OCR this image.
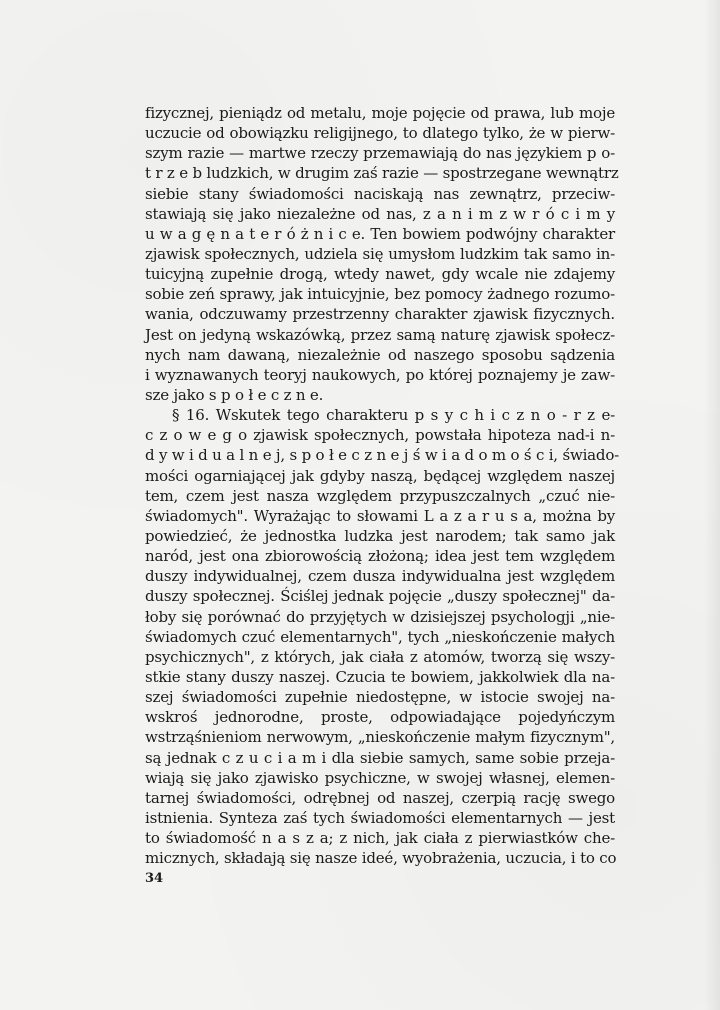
fizycznej, pieniądz od metalu, moje pojęcie od prawa, lub moje
uczucie od obowiązku religijnego, to dlatego tylko, że w pierw-
szym razie — martwe rzeczy przemawiają do nas językiem p o-
t r z e b ludzkich, w drugim zaś razie — spostrzegane wewnątrz
siebie stany świadomości naciskają nas zewnątrz, przeciw-
stawiają się jako niezależne od nas, z a n i m z w r ó c i m y
u w a g ę n a t e r ó ż n i c e. Ten bowiem podwójny charakter
zjawisk społecznych, udziela się umysłom ludzkim tak samo in-
tuicyjną zupełnie drogą, wtedy nawet, gdy wcale nie zdajemy
sobie zeń sprawy, jak intuicyjnie, bez pomocy żadnego rozumo-
wania, odczuwamy przestrzenny charakter zjawisk fizycznych.
Jest on jedyną wskazówką, przez samą naturę zjawisk społecz-
nych nam dawaną, niezależnie od naszego sposobu sądzenia
i wyznawanych teoryj naukowych, po której poznajemy je zaw-
sze jako s p o ł e c z n e.
§ 16. Wskutek tego charakteru p s y c h i c z n o - r z e-
c z o w e g o zjawisk społecznych, powstała hipoteza nad-i n-
d y w i d u a l n e j, s p o ł e c z n e j ś w i a d o m o ś c i, świado-
mości ogarniającej jak gdyby naszą, będącej względem naszej
tem, czem jest nasza względem przypuszczalnych „czuć nie-
świadomych". Wyrażając to słowami L a z a r u s a, można by
powiedzieć, że jednostka ludzka jest narodem; tak samo jak
naród, jest ona zbiorowością złożoną; idea jest tem względem
duszy indywidualnej, czem dusza indywidualna jest względem
duszy społecznej. Ściślej jednak pojęcie „duszy społecznej" da-
łoby się porównać do przyjętych w dzisiejszej psychologji „nie-
świadomych czuć elementarnych", tych „nieskończenie małych
psychicznych", z których, jak ciała z atomów, tworzą się wszy-
stkie stany duszy naszej. Czucia te bowiem, jakkolwiek dla na-
szej świadomości zupełnie niedostępne, w istocie swojej na-
wskroś jednorodne, proste, odpowiadające pojedyńczym
wstrząśnieniom nerwowym, „nieskończenie małym fizycznym",
są jednak c z u c i a m i dla siebie samych, same sobie przeja-
wiają się jako zjawisko psychiczne, w swojej własnej, elemen-
tarnej świadomości, odrębnej od naszej, czerpią rację swego
istnienia. Synteza zaś tych świadomości elementarnych — jest
to świadomość n a s z a; z nich, jak ciała z pierwiastków che-
micznych, składają się nasze ideé, wyobrażenia, uczucia, i to co
34
